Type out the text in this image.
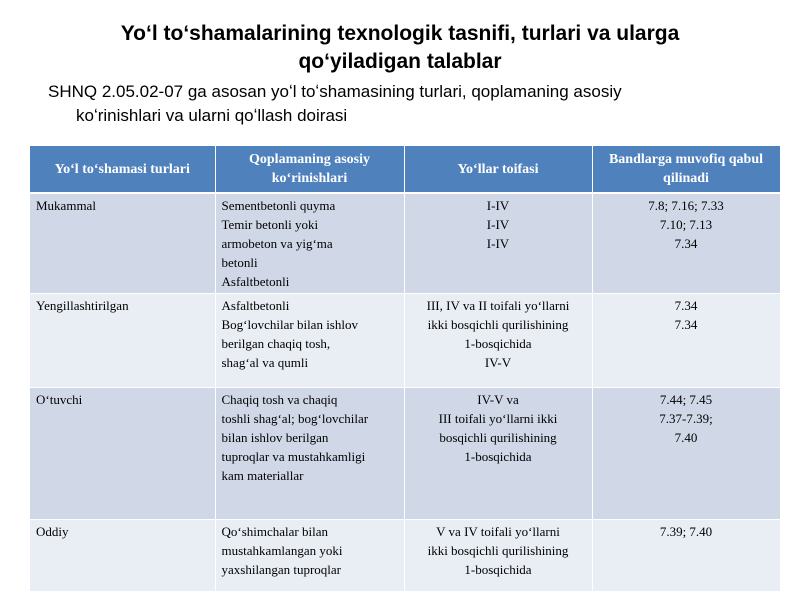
Yoʻl toʻshamalarining texnologik tasnifi, turlari va ularga
qoʻyiladigan talablar
SHNQ 2.05.02-07 ga asosan yoʻl toʻshamasining turlari, qoplamaning asosiy
koʻrinishlari va ularni qoʻllash doirasi
Yoʻl toʻshamasi turlari	Qoplamaning asosiy koʻrinishlari	Yoʻllar toifasi	Bandlarga muvofiq qabul qilinadi
Mukammal	Sementbetonli quyma
Temir betonli yoki
armobeton va yigʻma
betonli
Asfaltbetonli	I-IV
I-IV
I-IV	7.8; 7.16; 7.33
7.10; 7.13
7.34

Yengillashtirilgan	Asfaltbetonli
Bogʻlovchilar bilan ishlov
berilgan chaqiq tosh,
shagʻal va qumli	III, IV va II toifali yoʻllarni
ikki bosqichli qurilishining
1-bosqichida
IV-V	7.34
7.34

Oʻtuvchi	Chaqiq tosh va chaqiq
toshli shagʻal; bogʻlovchilar
bilan ishlov berilgan
tuproqlar va mustahkamligi
kam materiallar	IV-V va
III toifali yoʻllarni ikki
bosqichli qurilishining
1-bosqichida	7.44; 7.45
7.37-7.39;
7.40

Oddiy	Qoʻshimchalar bilan
mustahkamlangan yoki
yaxshilangan tuproqlar	V va IV toifali yoʻllarni
ikki bosqichli qurilishining
1-bosqichida	7.39; 7.40
